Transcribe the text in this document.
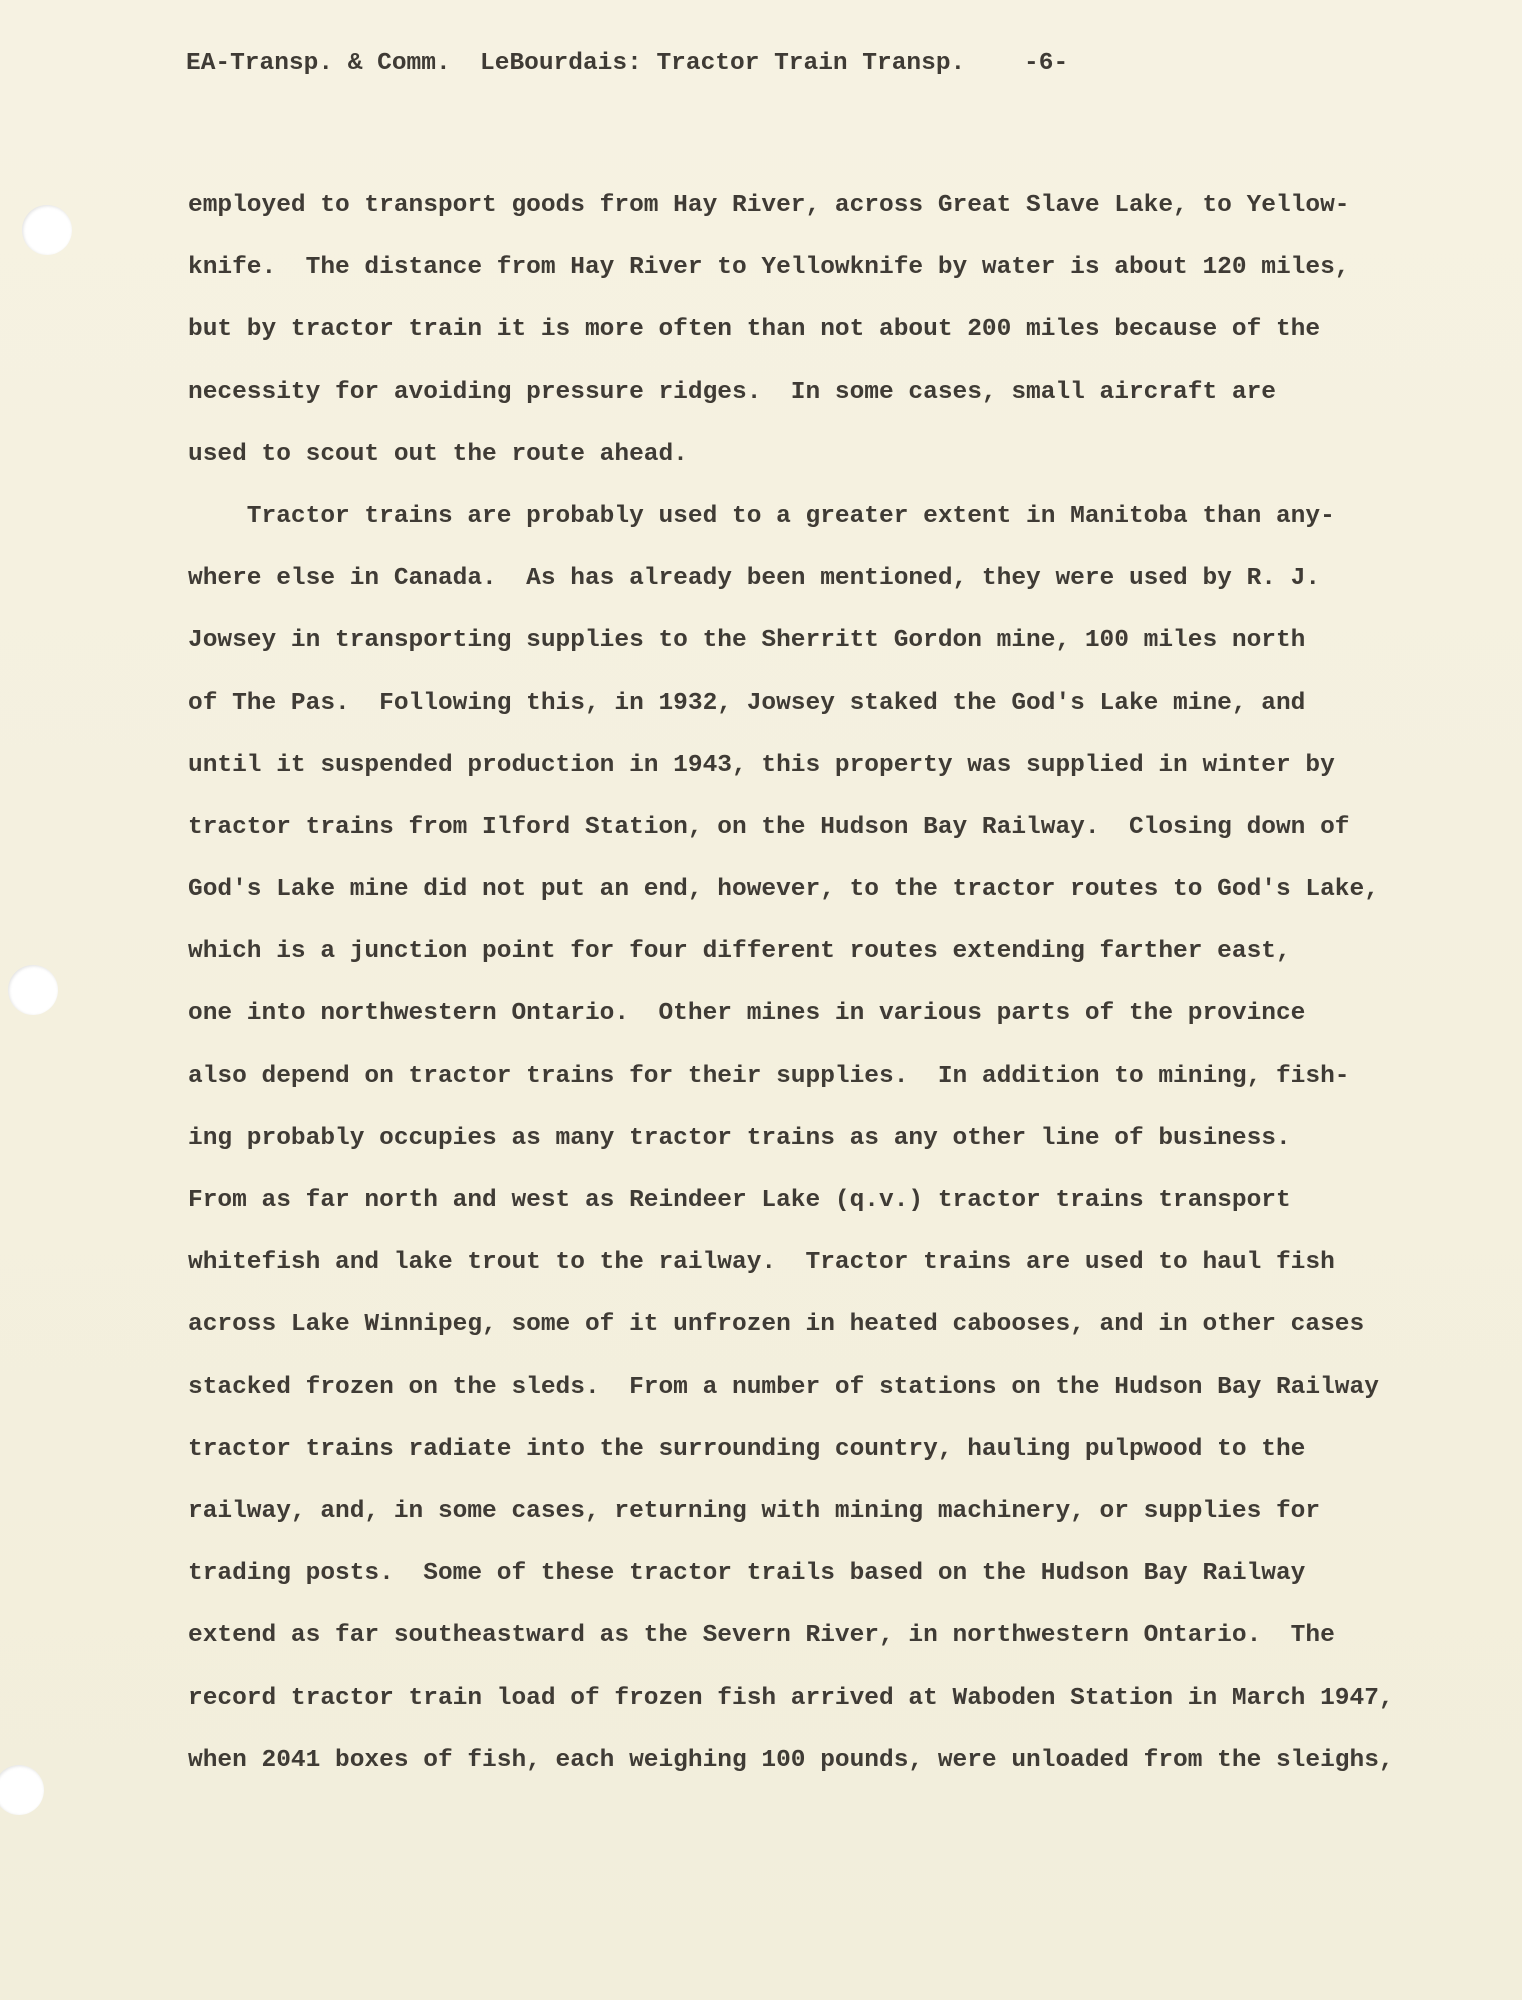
EA-Transp. & Comm.  LeBourdais: Tractor Train Transp.    -6-
employed to transport goods from Hay River, across Great Slave Lake, to Yellow-
knife.  The distance from Hay River to Yellowknife by water is about 120 miles,
but by tractor train it is more often than not about 200 miles because of the
necessity for avoiding pressure ridges.  In some cases, small aircraft are
used to scout out the route ahead.
Tractor trains are probably used to a greater extent in Manitoba than any-
where else in Canada.  As has already been mentioned, they were used by R. J.
Jowsey in transporting supplies to the Sherritt Gordon mine, 100 miles north
of The Pas.  Following this, in 1932, Jowsey staked the God's Lake mine, and
until it suspended production in 1943, this property was supplied in winter by
tractor trains from Ilford Station, on the Hudson Bay Railway.  Closing down of
God's Lake mine did not put an end, however, to the tractor routes to God's Lake,
which is a junction point for four different routes extending farther east,
one into northwestern Ontario.  Other mines in various parts of the province
also depend on tractor trains for their supplies.  In addition to mining, fish-
ing probably occupies as many tractor trains as any other line of business.
From as far north and west as Reindeer Lake (q.v.) tractor trains transport
whitefish and lake trout to the railway.  Tractor trains are used to haul fish
across Lake Winnipeg, some of it unfrozen in heated cabooses, and in other cases
stacked frozen on the sleds.  From a number of stations on the Hudson Bay Railway
tractor trains radiate into the surrounding country, hauling pulpwood to the
railway, and, in some cases, returning with mining machinery, or supplies for
trading posts.  Some of these tractor trails based on the Hudson Bay Railway
extend as far southeastward as the Severn River, in northwestern Ontario.  The
record tractor train load of frozen fish arrived at Waboden Station in March 1947,
when 2041 boxes of fish, each weighing 100 pounds, were unloaded from the sleighs,
